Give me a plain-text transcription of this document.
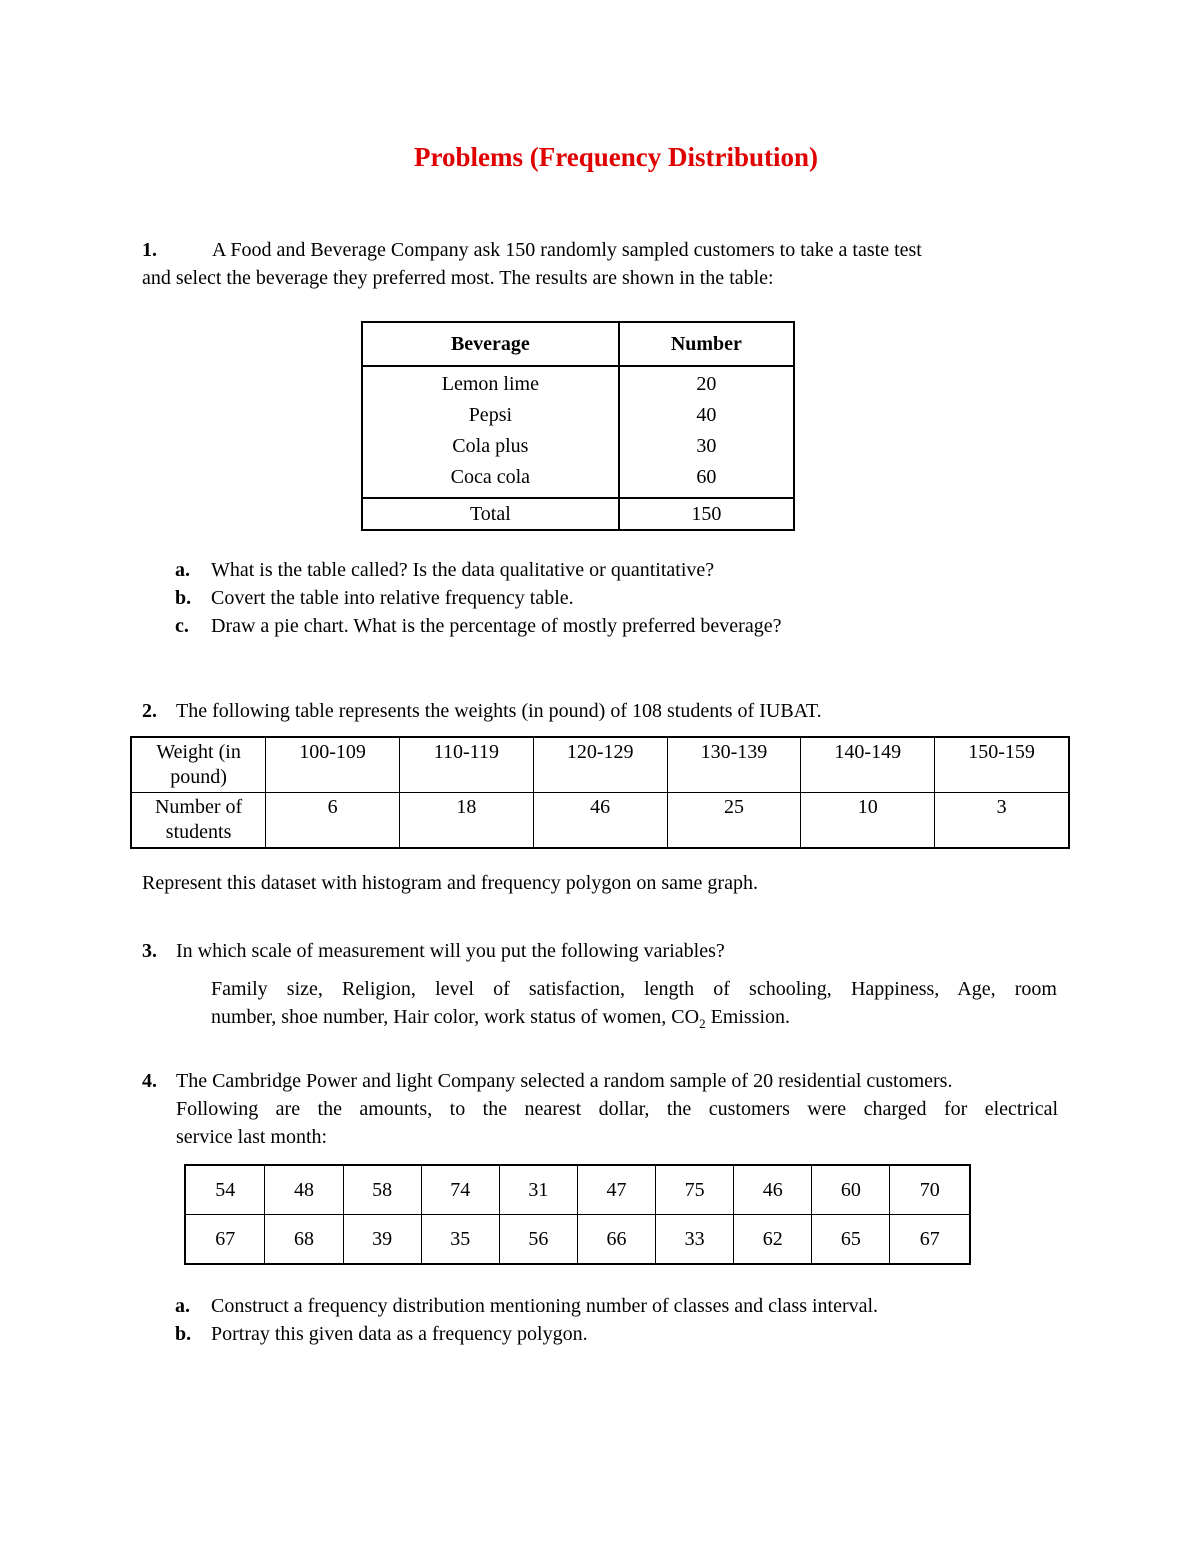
Problems (Frequency Distribution)
1.	A Food and Beverage Company ask 150 randomly sampled customers to take a taste test
and select the beverage they preferred most. The results are shown in the table:
Beverage	Number
Lemon lime	20
Pepsi	40
Cola plus	30
Coca cola	60
Total	150
a. What is the table called? Is the data qualitative or quantitative?
b. Covert the table into relative frequency table.
c. Draw a pie chart. What is the percentage of mostly preferred beverage?
2. The following table represents the weights (in pound) of 108 students of IUBAT.
Weight (in pound)	100-109	110-119	120-129	130-139	140-149	150-159
Number of students	6	18	46	25	10	3
Represent this dataset with histogram and frequency polygon on same graph.
3. In which scale of measurement will you put the following variables?
Family size, Religion, level of satisfaction, length of schooling, Happiness, Age, room
number, shoe number, Hair color, work status of women, $CO_2$ Emission.
4. The Cambridge Power and light Company selected a random sample of 20 residential customers.
Following are the amounts, to the nearest dollar, the customers were charged for electrical
service last month:
54	48	58	74	31	47	75	46	60	70
67	68	39	35	56	66	33	62	65	67
a. Construct a frequency distribution mentioning number of classes and class interval.
b. Portray this given data as a frequency polygon.
